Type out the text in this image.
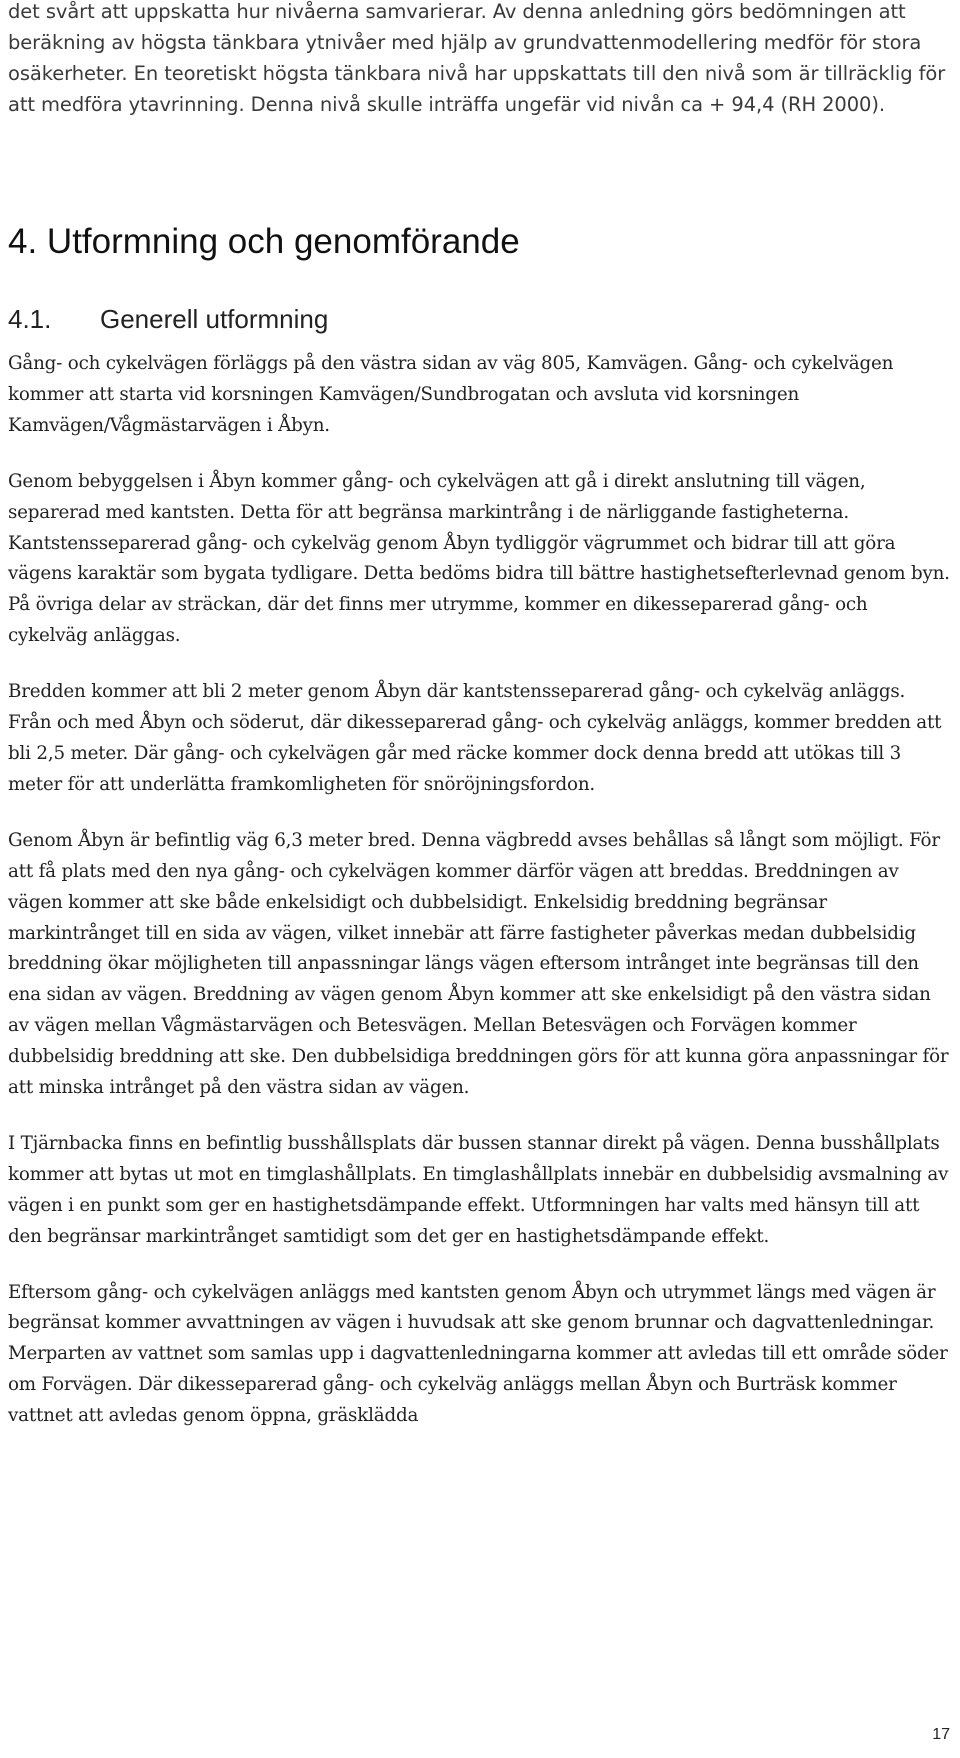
det svårt att uppskatta hur nivåerna samvarierar. Av denna anledning görs bedömningen att beräkning av högsta tänkbara ytnivåer med hjälp av grundvattenmodellering medför för stora osäkerheter. En teoretiskt högsta tänkbara nivå har uppskattats till den nivå som är tillräcklig för att medföra ytavrinning. Denna nivå skulle inträffa ungefär vid nivån ca + 94,4 (RH 2000).

4. Utformning och genomförande
4.1. Generell utformning

Gång- och cykelvägen förläggs på den västra sidan av väg 805, Kamvägen. Gång- och cykelvägen kommer att starta vid korsningen Kamvägen/Sundbrogatan och avsluta vid korsningen Kamvägen/Vågmästarvägen i Åbyn.

Genom bebyggelsen i Åbyn kommer gång- och cykelvägen att gå i direkt anslutning till vägen, separerad med kantsten. Detta för att begränsa markintrång i de närliggande fastigheterna. Kantstensseparerad gång- och cykelväg genom Åbyn tydliggör vägrummet och bidrar till att göra vägens karaktär som bygata tydligare. Detta bedöms bidra till bättre hastighetsefterlevnad genom byn. På övriga delar av sträckan, där det finns mer utrymme, kommer en dikesseparerad gång- och cykelväg anläggas.

Bredden kommer att bli 2 meter genom Åbyn där kantstensseparerad gång- och cykelväg anläggs. Från och med Åbyn och söderut, där dikesseparerad gång- och cykelväg anläggs, kommer bredden att bli 2,5 meter. Där gång- och cykelvägen går med räcke kommer dock denna bredd att utökas till 3 meter för att underlätta framkomligheten för snöröjningsfordon.

Genom Åbyn är befintlig väg 6,3 meter bred. Denna vägbredd avses behållas så långt som möjligt. För att få plats med den nya gång- och cykelvägen kommer därför vägen att breddas. Breddningen av vägen kommer att ske både enkelsidigt och dubbelsidigt. Enkelsidig breddning begränsar markintrånget till en sida av vägen, vilket innebär att färre fastigheter påverkas medan dubbelsidig breddning ökar möjligheten till anpassningar längs vägen eftersom intrånget inte begränsas till den ena sidan av vägen. Breddning av vägen genom Åbyn kommer att ske enkelsidigt på den västra sidan av vägen mellan Vågmästarvägen och Betesvägen. Mellan Betesvägen och Forvägen kommer dubbelsidig breddning att ske. Den dubbelsidiga breddningen görs för att kunna göra anpassningar för att minska intrånget på den västra sidan av vägen.

I Tjärnbacka finns en befintlig busshållsplats där bussen stannar direkt på vägen. Denna busshållplats kommer att bytas ut mot en timglashållplats. En timglashållplats innebär en dubbelsidig avsmalning av vägen i en punkt som ger en hastighetsdämpande effekt. Utformningen har valts med hänsyn till att den begränsar markintrånget samtidigt som det ger en hastighetsdämpande effekt.

Eftersom gång- och cykelvägen anläggs med kantsten genom Åbyn och utrymmet längs med vägen är begränsat kommer avvattningen av vägen i huvudsak att ske genom brunnar och dagvattenledningar. Merparten av vattnet som samlas upp i dagvattenledningarna kommer att avledas till ett område söder om Forvägen. Där dikesseparerad gång- och cykelväg anläggs mellan Åbyn och Burträsk kommer vattnet att avledas genom öppna, gräsklädda

17
